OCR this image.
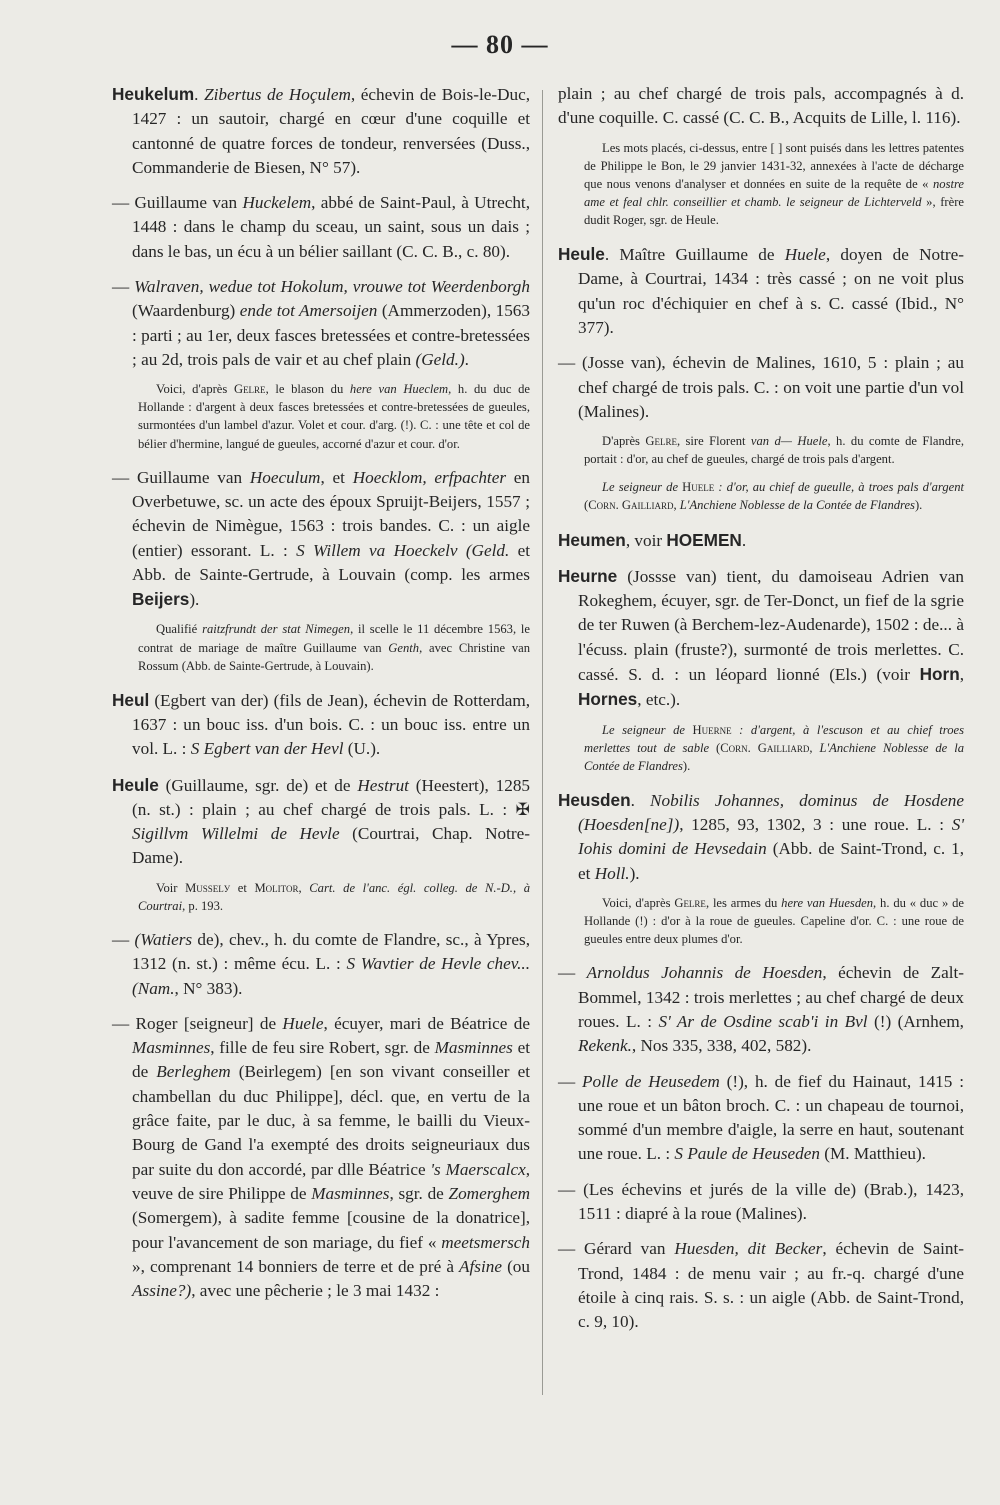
— 80 —

Heukelum. Zibertus de Hoçulem, échevin de Bois-le-Duc, 1427 : un sautoir, chargé en cœur d'une coquille et cantonné de quatre forces de tondeur, renversées (Duss., Commanderie de Biesen, N° 57).

— Guillaume van Huckelem, abbé de Saint-Paul, à Utrecht, 1448 : dans le champ du sceau, un saint, sous un dais ; dans le bas, un écu à un bélier saillant (C. C. B., c. 80).

— Walraven, wedue tot Hokolum, vrouwe tot Weerdenborgh (Waardenburg) ende tot Amersoijen (Ammerzoden), 1563 : parti ; au 1er, deux fasces bretessées et contre-bretessées ; au 2d, trois pals de vair et au chef plain (Geld.).

Voici, d'après Gelre, le blason du here van Hueclem, h. du duc de Hollande : d'argent à deux fasces bretessées et contre-bretessées de gueules, surmontées d'un lambel d'azur. Volet et cour. d'arg. (!). C. : une tête et col de bélier d'hermine, langué de gueules, accorné d'azur et cour. d'or.

— Guillaume van Hoeculum, et Hoecklom, erfpachter en Overbetuwe, sc. un acte des époux Spruijt-Beijers, 1557 ; échevin de Nimègue, 1563 : trois bandes. C. : un aigle (entier) essorant. L. : S Willem va Hoeckelv (Geld. et Abb. de Sainte-Gertrude, à Louvain (comp. les armes Beijers).

Qualifié raitzfrundt der stat Nimegen, il scelle le 11 décembre 1563, le contrat de mariage de maître Guillaume van Genth, avec Christine van Rossum (Abb. de Sainte-Gertrude, à Louvain).

Heul (Egbert van der) (fils de Jean), échevin de Rotterdam, 1637 : un bouc iss. d'un bois. C. : un bouc iss. entre un vol. L. : S Egbert van der Hevl (U.).

Heule (Guillaume, sgr. de) et de Hestrut (Heestert), 1285 (n. st.) : plain ; au chef chargé de trois pals. L. : ✠ Sigillvm Willelmi de Hevle (Courtrai, Chap. Notre-Dame).

Voir Musselу et Molitor, Cart. de l'anc. égl. colleg. de N.-D., à Courtrai, p. 193.

— (Watiers de), chev., h. du comte de Flandre, sc., à Ypres, 1312 (n. st.) : même écu. L. : S Wavtier de Hevle chev... (Nam., N° 383).

— Roger [seigneur] de Huele, écuyer, mari de Béatrice de Masminnes, fille de feu sire Robert, sgr. de Masminnes et de Berleghem (Beirlegem) [en son vivant conseiller et chambellan du duc Philippe], décl. que, en vertu de la grâce faite, par le duc, à sa femme, le bailli du Vieux-Bourg de Gand l'a exempté des droits seigneuriaux dus par suite du don accordé, par dlle Béatrice 's Maerscalcx, veuve de sire Philippe de Masminnes, sgr. de Zomerghem (Somergem), à sadite femme [cousine de la donatrice], pour l'avancement de son mariage, du fief « meetsmersch », comprenant 14 bonniers de terre et de pré à Afsine (ou Assine?), avec une pêcherie ; le 3 mai 1432 :

plain ; au chef chargé de trois pals, accompagnés à d. d'une coquille. C. cassé (C. C. B., Acquits de Lille, l. 116).

Les mots placés, ci-dessus, entre [ ] sont puisés dans les lettres patentes de Philippe le Bon, le 29 janvier 1431-32, annexées à l'acte de décharge que nous venons d'analyser et données en suite de la requête de « nostre ame et feal chlr. conseillier et chamb. le seigneur de Lichterveld », frère dudit Roger, sgr. de Heule.

Heule. Maître Guillaume de Huele, doyen de Notre-Dame, à Courtrai, 1434 : très cassé ; on ne voit plus qu'un roc d'échiquier en chef à s. C. cassé (Ibid., N° 377).

— (Josse van), échevin de Malines, 1610, 5 : plain ; au chef chargé de trois pals. C. : on voit une partie d'un vol (Malines).

D'après Gelre, sire Florent van d— Huele, h. du comte de Flandre, portait : d'or, au chef de gueules, chargé de trois pals d'argent.

Le seigneur de Huele : d'or, au chief de gueulle, à troes pals d'argent (Corn. Gailliard, L'Anchiene Noblesse de la Contée de Flandres).

Heumen, voir HOEMEN.

Heurne (Jossse van) tient, du damoiseau Adrien van Rokeghem, écuyer, sgr. de Ter-Donct, un fief de la sgrie de ter Ruwen (à Berchem-lez-Audenarde), 1502 : de... à l'écuss. plain (fruste?), surmonté de trois merlettes. C. cassé. S. d. : un léopard lionné (Els.) (voir Horn, Hornes, etc.).

Le seigneur de Huerne : d'argent, à l'escuson et au chief troes merlettes tout de sable (Corn. Gailliard, L'Anchiene Noblesse de la Contée de Flandres).

Heusden. Nobilis Johannes, dominus de Hosdene (Hoesden[ne]), 1285, 93, 1302, 3 : une roue. L. : S' Iohis domini de Hevsedain (Abb. de Saint-Trond, c. 1, et Holl.).

Voici, d'après Gelre, les armes du here van Huesden, h. du « duc » de Hollande (!) : d'or à la roue de gueules. Capeline d'or. C. : une roue de gueules entre deux plumes d'or.

— Arnoldus Johannis de Hoesden, échevin de Zalt-Bommel, 1342 : trois merlettes ; au chef chargé de deux roues. L. : S' Ar de Osdine scab'i in Bvl (!) (Arnhem, Rekenk., Nos 335, 338, 402, 582).

— Polle de Heusedem (!), h. de fief du Hainaut, 1415 : une roue et un bâton broch. C. : un chapeau de tournoi, sommé d'un membre d'aigle, la serre en haut, soutenant une roue. L. : S Paule de Heuseden (M. Matthieu).

— (Les échevins et jurés de la ville de) (Brab.), 1423, 1511 : diapré à la roue (Malines).

— Gérard van Huesden, dit Becker, échevin de Saint-Trond, 1484 : de menu vair ; au fr.-q. chargé d'une étoile à cinq rais. S. s. : un aigle (Abb. de Saint-Trond, c. 9, 10).
